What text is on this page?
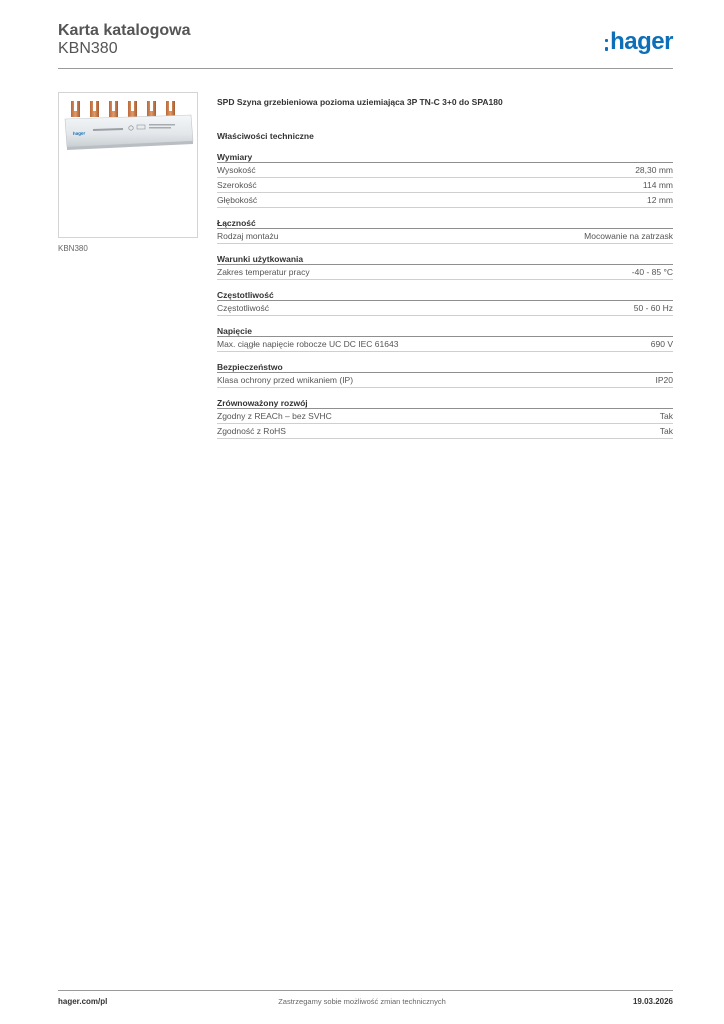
Karta katalogowa
KBN380	hager
hager
KBN380
SPD Szyna grzebieniowa pozioma uziemiająca 3P TN-C 3+0 do SPA180
Właściwości techniczne
Wymiary
Wysokość	28,30 mm
Szerokość	114 mm
Głębokość	12 mm
Łączność
Rodzaj montażu	Mocowanie na zatrzask
Warunki użytkowania
Zakres temperatur pracy	-40 - 85 °C
Częstotliwość
Częstotliwość	50 - 60 Hz
Napięcie
Max. ciągłe napięcie robocze UC DC IEC 61643	690 V
Bezpieczeństwo
Klasa ochrony przed wnikaniem (IP)	IP20
Zrównoważony rozwój
Zgodny z REACh – bez SVHC	Tak
Zgodność z RoHS	Tak
hager.com/pl	Zastrzegamy sobie możliwość zmian technicznych	19.03.2026
